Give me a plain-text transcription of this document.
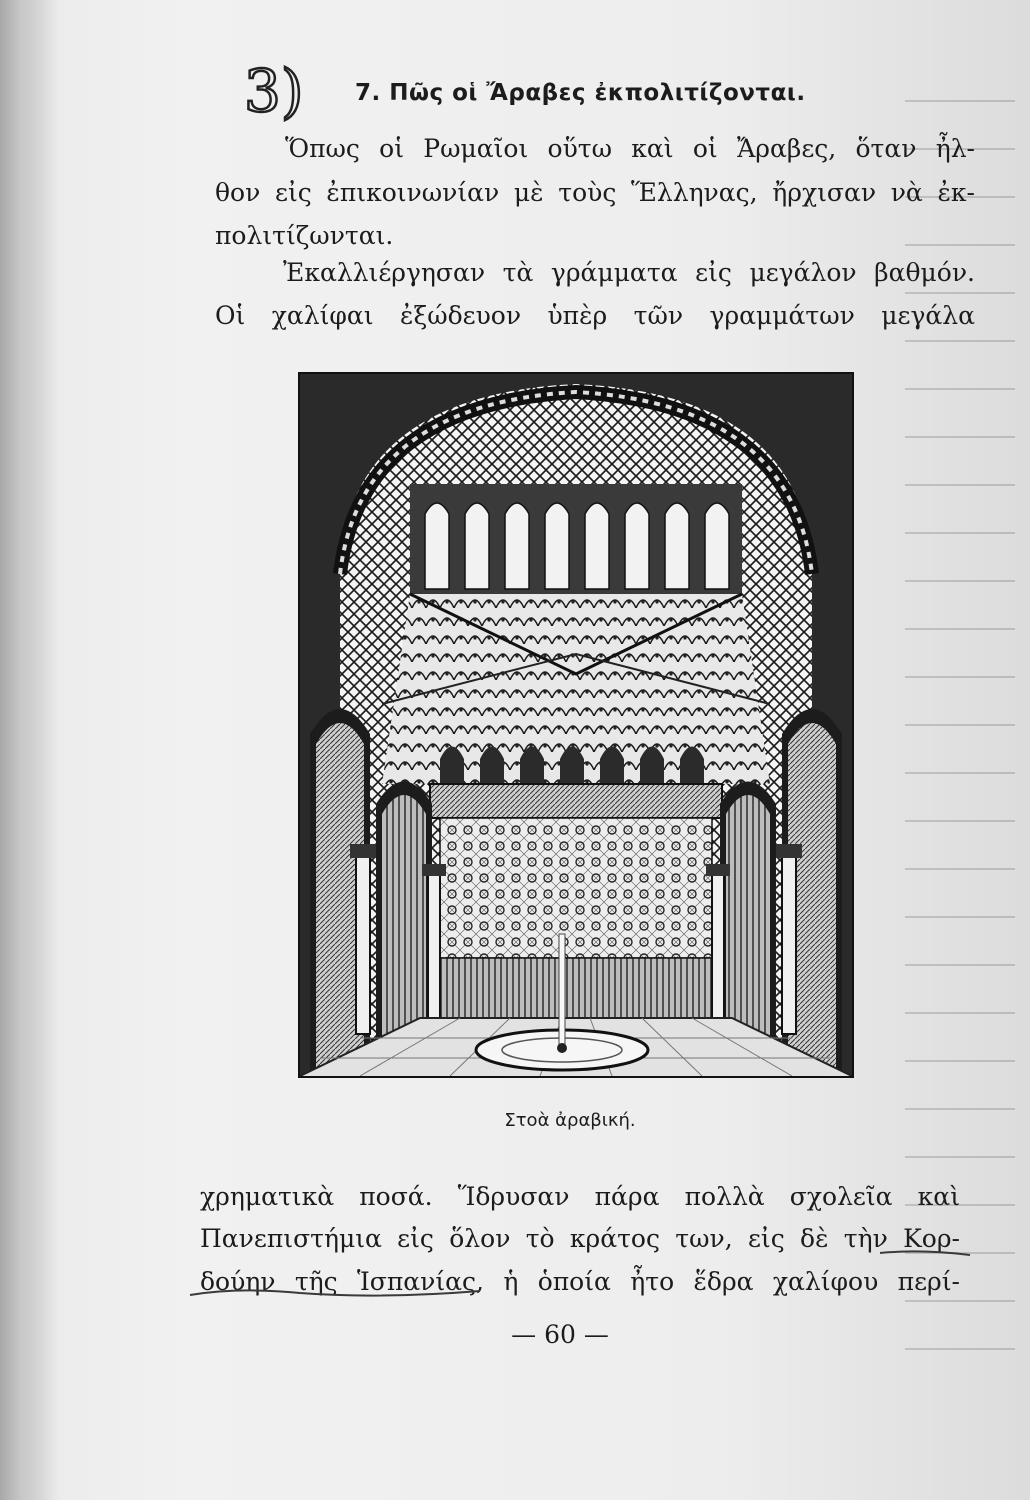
3) 7. Πῶς οἱ Ἄραβες ἐκπολιτίζονται.
Ὅπως οἱ Ρωμαῖοι οὕτω καὶ οἱ Ἄραβες, ὅταν ἦλ-
θον εἰς ἐπικοινωνίαν μὲ τοὺς Ἕλληνας, ἤρχισαν νὰ ἐκ-
πολιτίζωνται.
Ἐκαλλιέργησαν τὰ γράμματα εἰς μεγάλον βαθμόν.
Οἱ χαλίφαι ἐξώδευον ὑπὲρ τῶν γραμμάτων μεγάλα
Στοὰ ἀραβική.
χρηματικὰ ποσά. Ἵδρυσαν πάρα πολλὰ σχολεῖα καὶ
Πανεπιστήμια εἰς ὅλον τὸ κράτος των, εἰς δὲ τὴν Κορ-
δούην τῆς Ἱσπανίας, ἡ ὁποία ἦτο ἕδρα χαλίφου περί-
— 60 —
